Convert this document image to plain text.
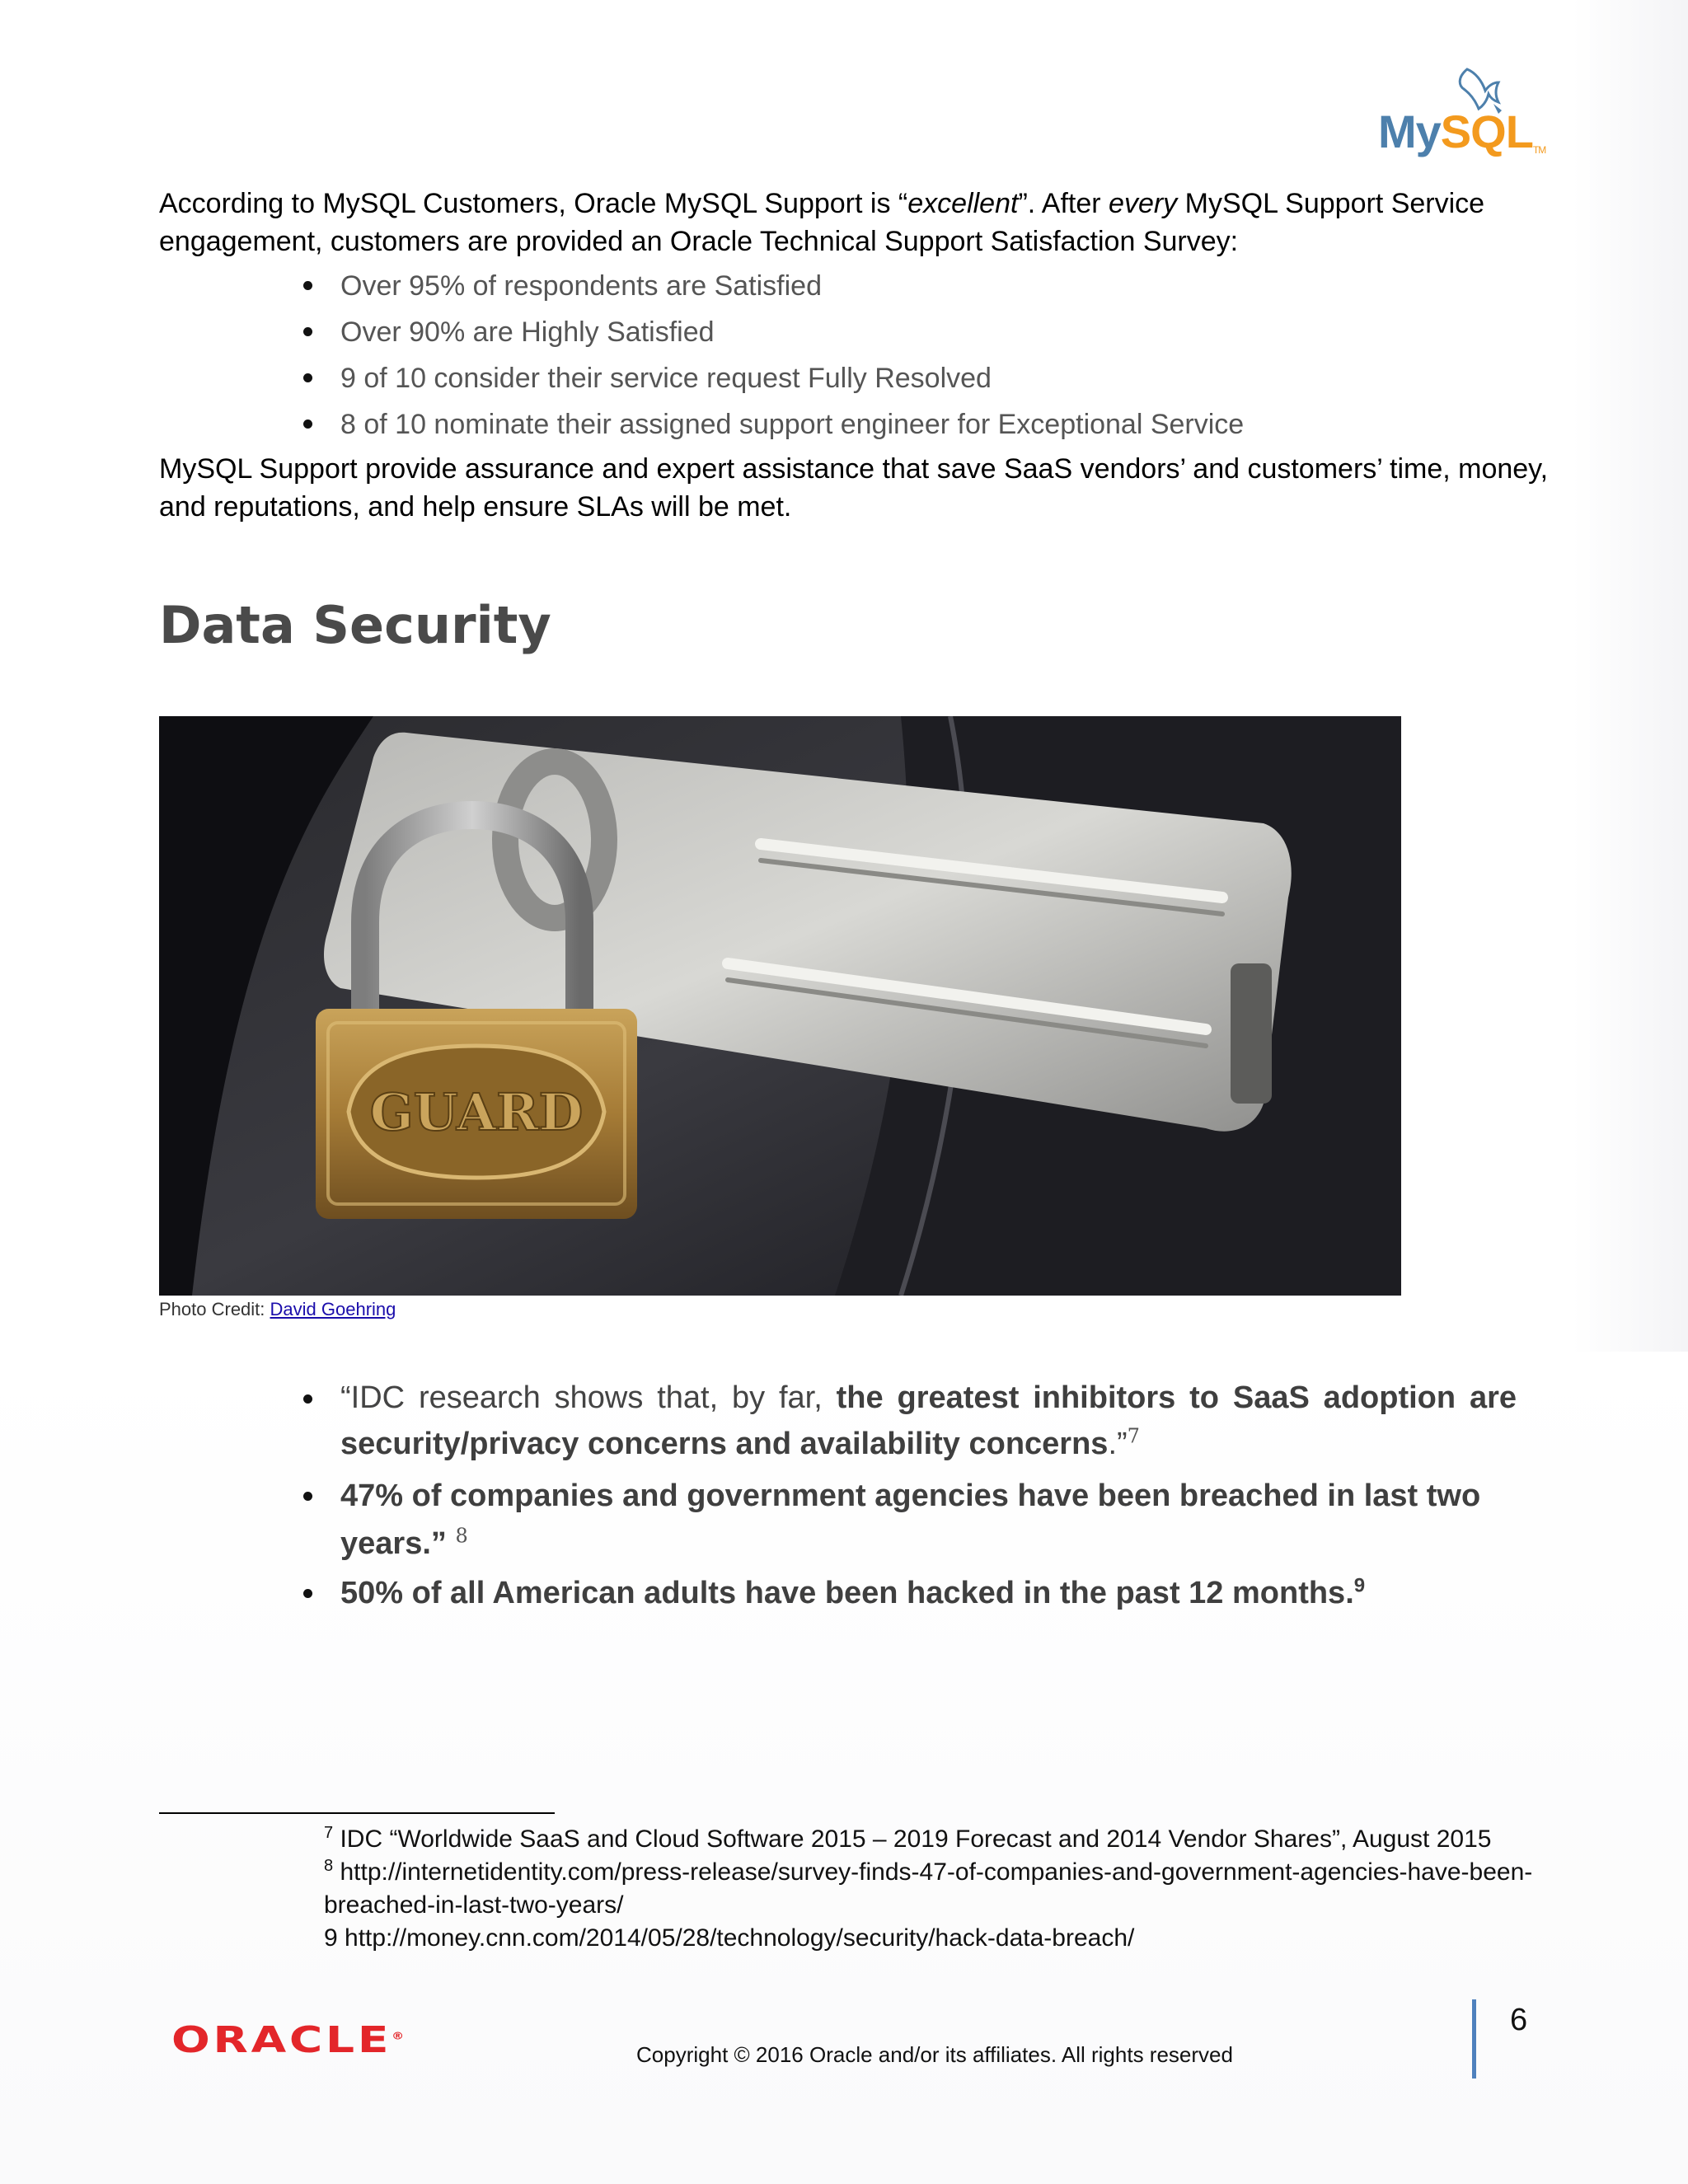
MySQLTM

According to MySQL Customers, Oracle MySQL Support is “excellent”. After every MySQL Support Service engagement, customers are provided an Oracle Technical Support Satisfaction Survey:

Over 95% of respondents are Satisfied
Over 90% are Highly Satisfied
9 of 10 consider their service request Fully Resolved
8 of 10 nominate their assigned support engineer for Exceptional Service

MySQL Support provide assurance and expert assistance that save SaaS vendors’ and customers’ time, money, and reputations, and help ensure SLAs will be met.

Data Security
GUARD
Photo Credit: David Goehring
“IDC research shows that, by far, the greatest inhibitors to SaaS adoption are security/privacy concerns and availability concerns.”$^7$
47% of companies and government agencies have been breached in last two years.” $^8$
50% of all American adults have been hacked in the past 12 months.$^9$
$^7$ IDC “Worldwide SaaS and Cloud Software 2015 – 2019 Forecast and 2014 Vendor Shares”, August 2015
$^8$ http://internetidentity.com/press-release/survey-finds-47-of-companies-and-government-agencies-have-been-breached-in-last-two-years/
9 http://money.cnn.com/2014/05/28/technology/security/hack-data-breach/
ORACLE®
Copyright © 2016 Oracle and/or its affiliates. All rights reserved
6
